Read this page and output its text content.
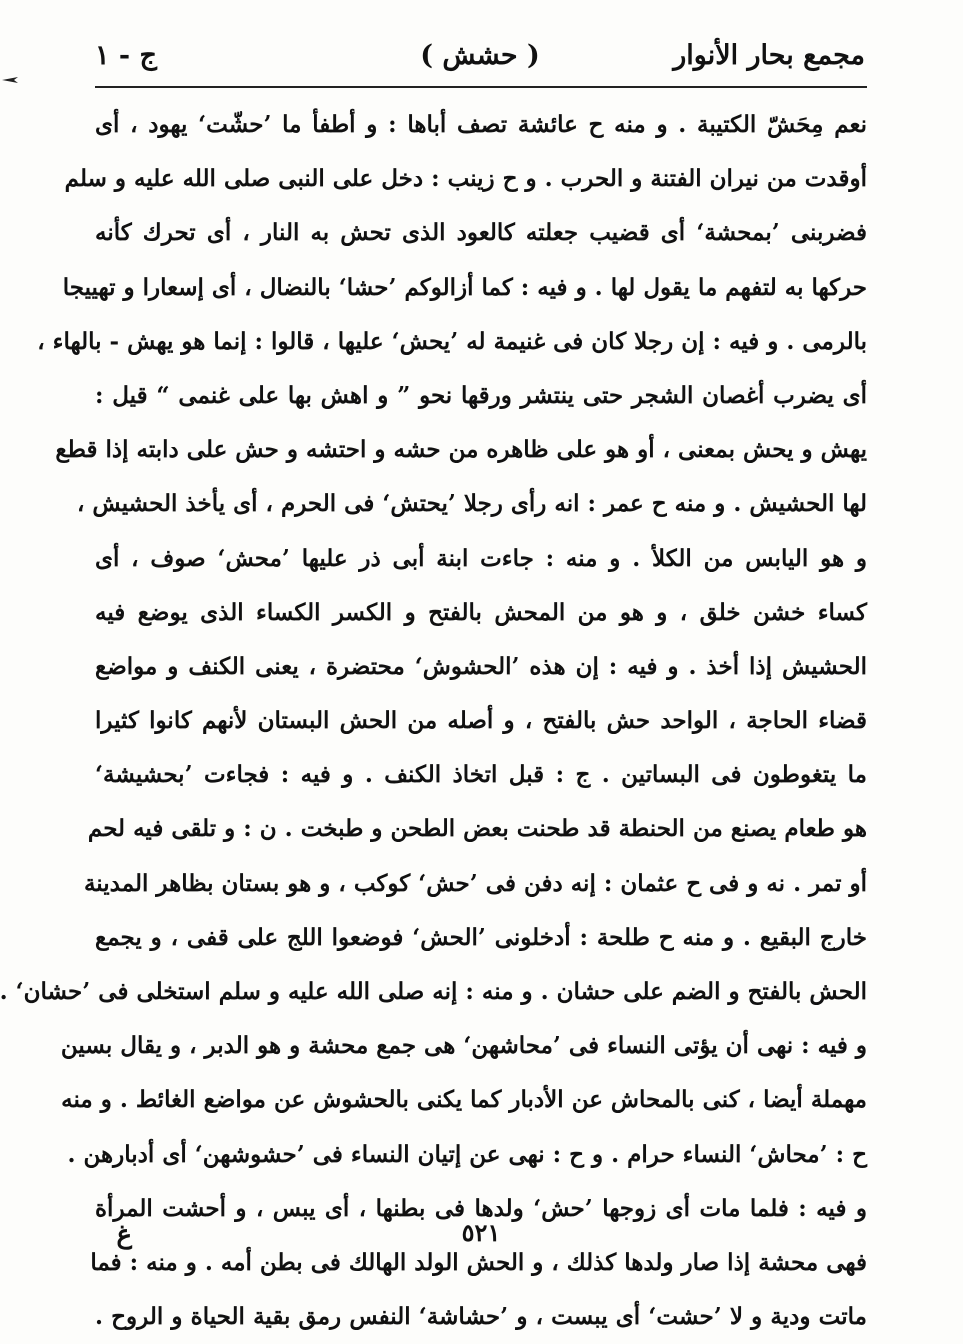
مجمع بحار الأنوار
( حشش )
ج - ١
نعم مِحَشّ الكتيبة . و منه ح عائشة تصف أباها : و أطفأ ما ’حشّت‘ يهود ، أى
أوقدت من نيران الفتنة و الحرب . و ح زينب : دخل على النبى صلى الله عليه و سلم
فضربنى ’بمحشة‘ أى قضيب جعلته كالعود الذى تحش به النار ، أى تحرك كأنه
حركها به لتفهم ما يقول لها . و فيه : كما أزالوكم ’حشا‘ بالنضال ، أى إسعارا و تهييجا
بالرمى . و فيه : إن رجلا كان فى غنيمة له ’يحش‘ عليها ، قالوا : إنما هو يهش - بالهاء ،
أى يضرب أغصان الشجر حتى ينتشر ورقها نحو ” و اهش بها على غنمى “ قيل :
يهش و يحش بمعنى ، أو هو على ظاهره من حشه و احتشه و حش على دابته إذا قطع
لها الحشيش . و منه ح عمر : انه رأى رجلا ’يحتش‘ فى الحرم ، أى يأخذ الحشيش ،
و هو اليابس من الكلأ . و منه : جاءت ابنة أبى ذر عليها ’محش‘ صوف ، أى
كساء خشن خلق ، و هو من المحش بالفتح و الكسر الكساء الذى يوضع فيه
الحشيش إذا أخذ . و فيه : إن هذه ’الحشوش‘ محتضرة ، يعنى الكنف و مواضع
قضاء الحاجة ، الواحد حش بالفتح ، و أصله من الحش البستان لأنهم كانوا كثيرا
ما يتغوطون فى البساتين . ج : قبل اتخاذ الكنف . و فيه : فجاءت ’بحشيشة‘
هو طعام يصنع من الحنطة قد طحنت بعض الطحن و طبخت . ن : و تلقى فيه لحم
أو تمر . نه و فى ح عثمان : إنه دفن فى ’حش‘ كوكب ، و هو بستان بظاهر المدينة
خارج البقيع . و منه ح طلحة : أدخلونى ’الحش‘ فوضعوا اللج على قفى ، و يجمع
الحش بالفتح و الضم على حشان . و منه : إنه صلى الله عليه و سلم استخلى فى ’حشان‘ .
و فيه : نهى أن يؤتى النساء فى ’محاشهن‘ هى جمع محشة و هو الدبر ، و يقال بسين
مهملة أيضا ، كنى بالمحاش عن الأدبار كما يكنى بالحشوش عن مواضع الغائط . و منه
ح : ’محاش‘ النساء حرام . و ح : نهى عن إتيان النساء فى ’حشوشهن‘ أى أدبارهن .
و فيه : فلما مات أى زوجها ’حش‘ ولدها فى بطنها ، أى يبس ، و أحشت المرأة
فهى محشة إذا صار ولدها كذلك ، و الحش الولد الهالك فى بطن أمه . و منه : فما
ماتت ودية و لا ’حشت‘ أى يبست ، و ’حشاشة‘ النفس رمق بقية الحياة و الروح .
٥٢١
غ
